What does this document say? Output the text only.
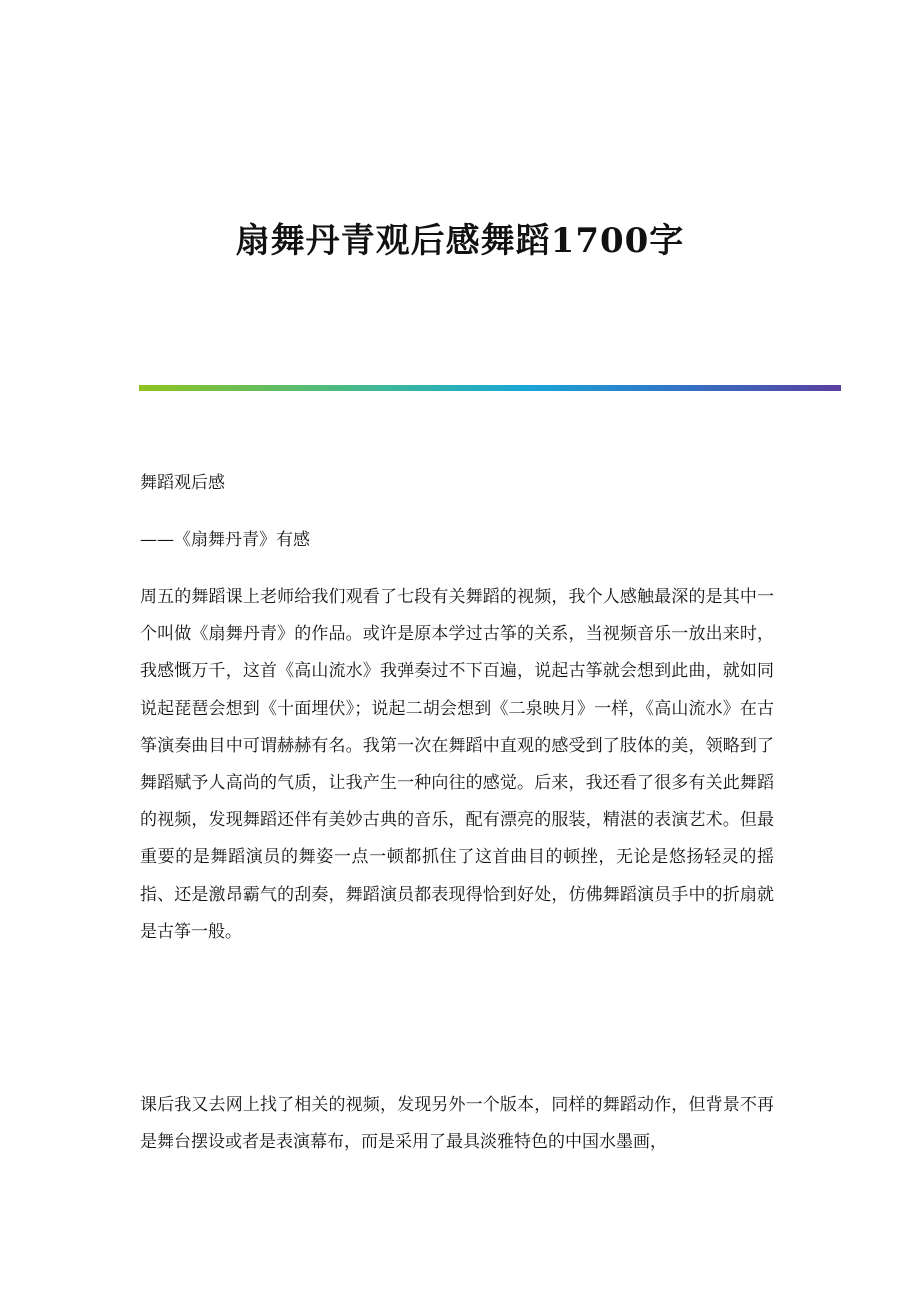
扇舞丹青观后感舞蹈1700字

舞蹈观后感

——《扇舞丹青》有感

周五的舞蹈课上老师给我们观看了七段有关舞蹈的视频，我个人感触最深的是其中一个叫做《扇舞丹青》的作品。或许是原本学过古筝的关系，当视频音乐一放出来时，我感慨万千，这首《高山流水》我弹奏过不下百遍，说起古筝就会想到此曲，就如同说起琵琶会想到《十面埋伏》；说起二胡会想到《二泉映月》一样，《高山流水》在古筝演奏曲目中可谓赫赫有名。我第一次在舞蹈中直观的感受到了肢体的美，领略到了舞蹈赋予人高尚的气质，让我产生一种向往的感觉。后来，我还看了很多有关此舞蹈的视频，发现舞蹈还伴有美妙古典的音乐，配有漂亮的服装，精湛的表演艺术。但最重要的是舞蹈演员的舞姿一点一顿都抓住了这首曲目的顿挫，无论是悠扬轻灵的摇指、还是激昂霸气的刮奏，舞蹈演员都表现得恰到好处，仿佛舞蹈演员手中的折扇就是古筝一般。

课后我又去网上找了相关的视频，发现另外一个版本，同样的舞蹈动作，但背景不再是舞台摆设或者是表演幕布，而是采用了最具淡雅特色的中国水墨画，
